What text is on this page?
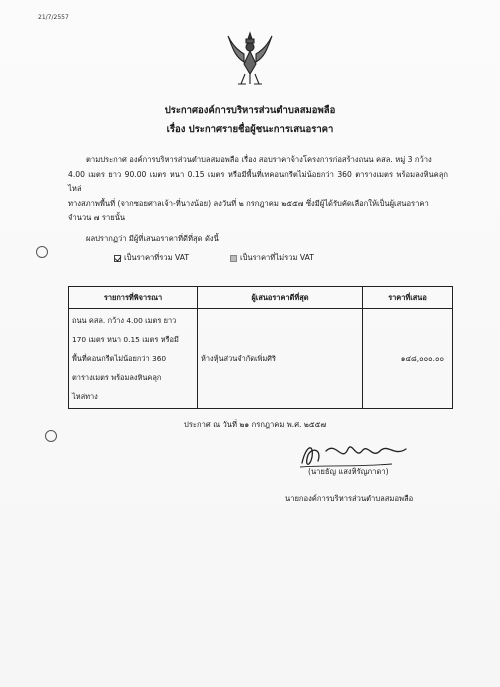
21/7/2557
ประกาศองค์การบริหารส่วนตำบลสมอพลือ
เรื่อง ประกาศรายชื่อผู้ชนะการเสนอราคา
ตามประกาศ องค์การบริหารส่วนตำบลสมอพลือ เรื่อง สอบราคาจ้างโครงการก่อสร้างถนน คสล. หมู่ 3 กว้าง
4.00 เมตร ยาว 90.00 เมตร หนา 0.15 เมตร หรือมีพื้นที่เทคอนกรีตไม่น้อยกว่า 360 ตารางเมตร พร้อมลงหินคลุกไหล่
ทางสภาพพื้นที่ (จากซอยศาลเจ้า-ที่นางน้อย) ลงวันที่ ๒ กรกฎาคม ๒๕๕๗ ซึ่งมีผู้ได้รับคัดเลือกให้เป็นผู้เสนอราคา
จำนวน ๗ รายนั้น
ผลปรากฏว่า มีผู้ที่เสนอราคาที่ดีที่สุด ดังนี้
เป็นราคาที่รวม VAT	เป็นราคาที่ไม่รวม VAT
รายการที่พิจารณา	ผู้เสนอราคาดีที่สุด	ราคาที่เสนอ

ถนน คสล. กว้าง 4.00 เมตร ยาว
170 เมตร หนา 0.15 เมตร หรือมี
พื้นที่คอนกรีตไม่น้อยกว่า 360
ตารางเมตร พร้อมลงหินคลุก
ไหล่ทาง	ห้างหุ้นส่วนจำกัดเพิ่มศิริ	๑๔๘,๐๐๐.๐๐
ประกาศ ณ วันที่ ๒๑ กรกฎาคม พ.ศ. ๒๕๕๗
(นายธัญ แสงหิรัญภาดา)
นายกองค์การบริหารส่วนตำบลสมอพลือ
